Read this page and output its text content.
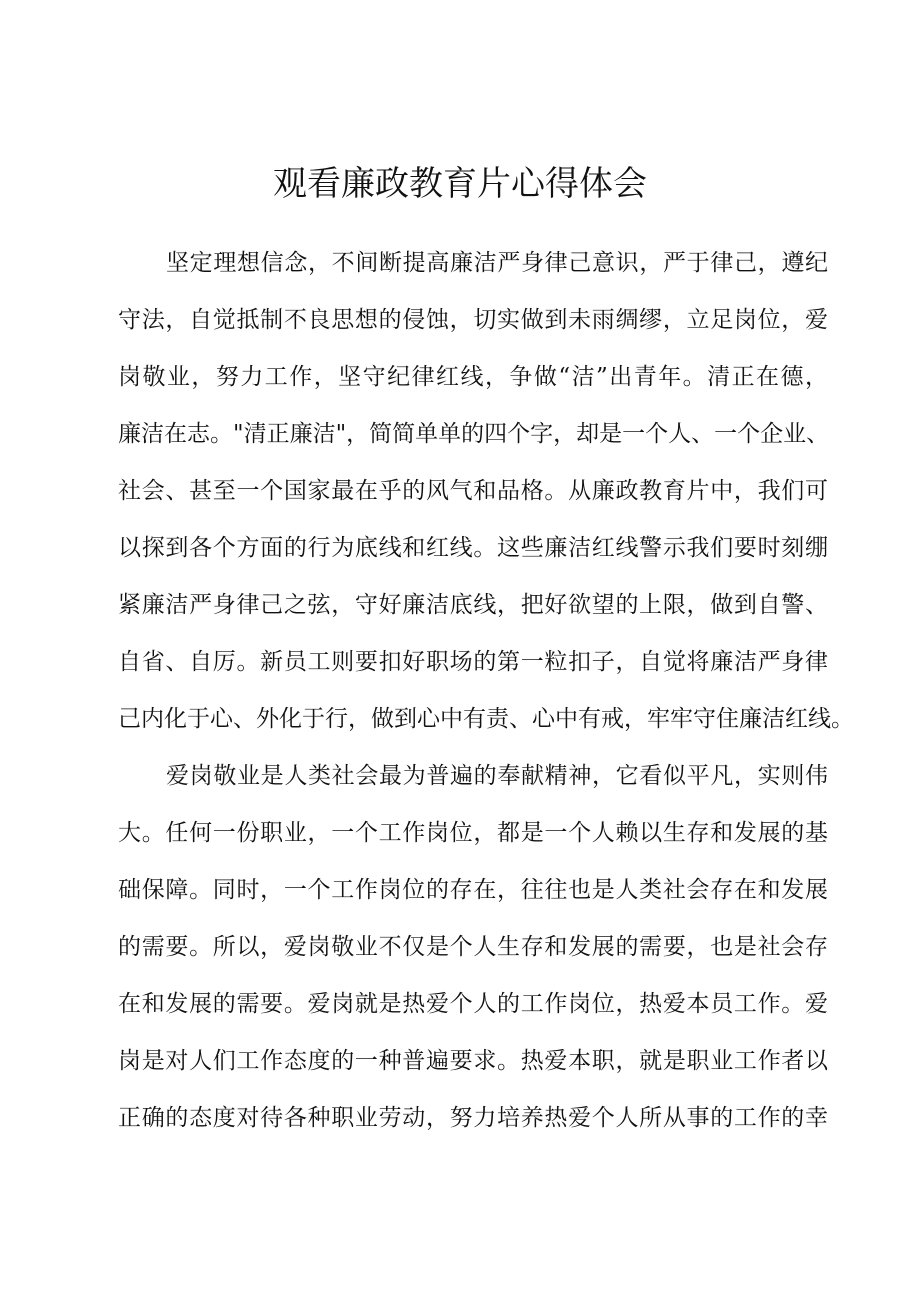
观看廉政教育片心得体会
坚定理想信念，不间断提高廉洁严身律己意识，严于律己，遵纪
守法，自觉抵制不良思想的侵蚀，切实做到未雨绸缪，立足岗位，爱
岗敬业，努力工作，坚守纪律红线，争做“洁”出青年。清正在德，
廉洁在志。"清正廉洁"，简简单单的四个字，却是一个人、一个企业、
社会、甚至一个国家最在乎的风气和品格。从廉政教育片中，我们可
以探到各个方面的行为底线和红线。这些廉洁红线警示我们要时刻绷
紧廉洁严身律己之弦，守好廉洁底线，把好欲望的上限，做到自警、
自省、自厉。新员工则要扣好职场的第一粒扣子，自觉将廉洁严身律
己内化于心、外化于行，做到心中有责、心中有戒，牢牢守住廉洁红线。
爱岗敬业是人类社会最为普遍的奉献精神，它看似平凡，实则伟
大。任何一份职业，一个工作岗位，都是一个人赖以生存和发展的基
础保障。同时，一个工作岗位的存在，往往也是人类社会存在和发展
的需要。所以，爱岗敬业不仅是个人生存和发展的需要，也是社会存
在和发展的需要。爱岗就是热爱个人的工作岗位，热爱本员工作。爱
岗是对人们工作态度的一种普遍要求。热爱本职，就是职业工作者以
正确的态度对待各种职业劳动，努力培养热爱个人所从事的工作的幸
